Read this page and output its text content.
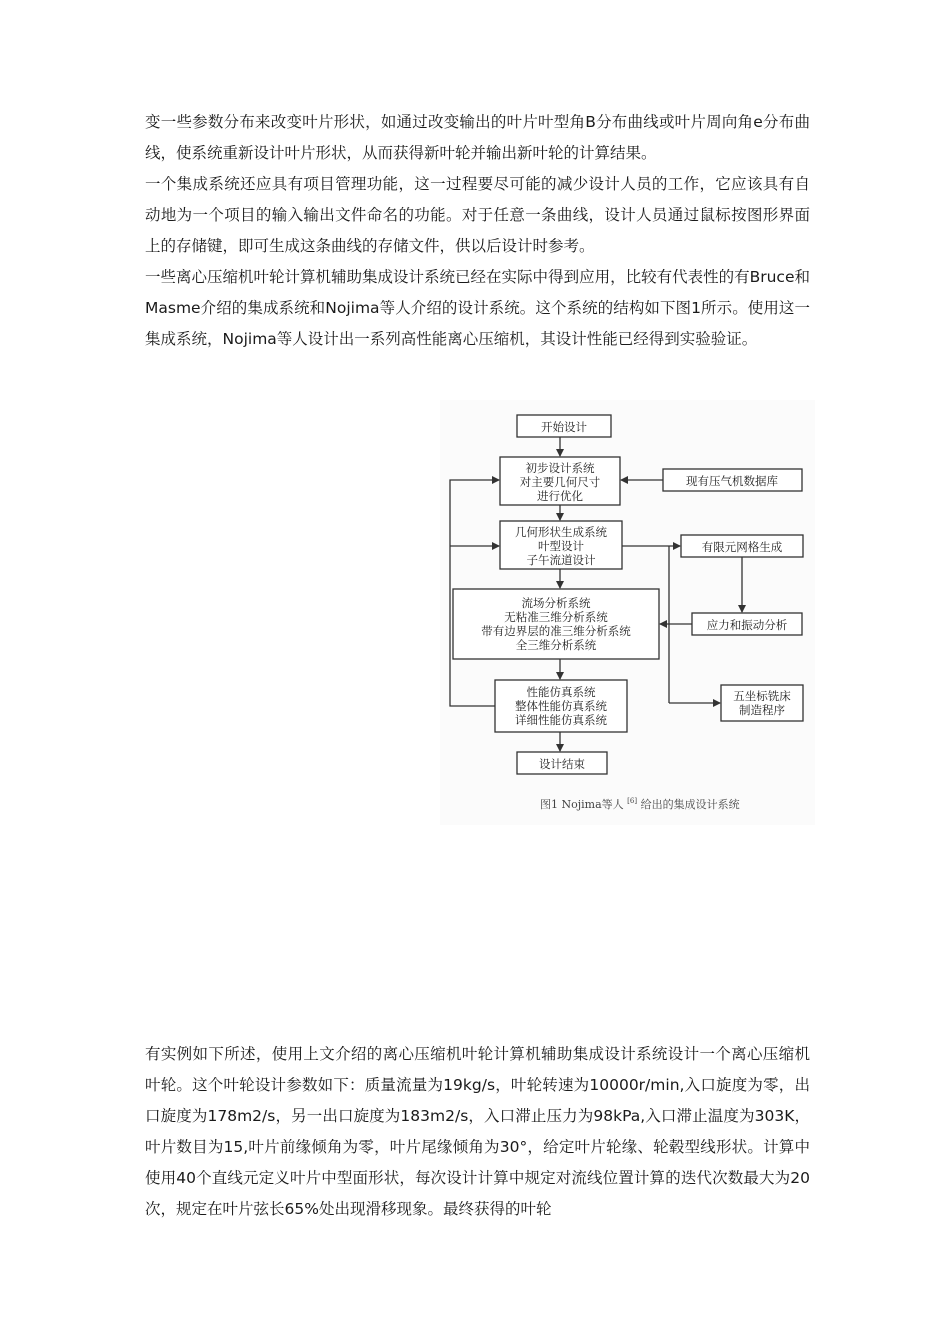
变一些参数分布来改变叶片形状，如通过改变输出的叶片叶型角Β分布曲线或叶片周向角e分布曲线，使系统重新设计叶片形状，从而获得新叶轮并输出新叶轮的计算结果。

一个集成系统还应具有项目管理功能，这一过程要尽可能的减少设计人员的工作，它应该具有自动地为一个项目的输入输出文件命名的功能。对于任意一条曲线，设计人员通过鼠标按图形界面上的存储键，即可生成这条曲线的存储文件，供以后设计时参考。

一些离心压缩机叶轮计算机辅助集成设计系统已经在实际中得到应用，比较有代表性的有Bruce和Masme介绍的集成系统和Nojima等人介绍的设计系统。这个系统的结构如下图1所示。使用这一集成系统，Nojima等人设计出一系列高性能离心压缩机，其设计性能已经得到实验验证。

开始设计
初步设计系统
对主要几何尺寸
进行优化
现有压气机数据库
几何形状生成系统
叶型设计
子午流道设计
有限元网格生成
流场分析系统
无粘准三维分析系统
带有边界层的准三维分析系统
全三维分析系统
应力和振动分析
性能仿真系统
整体性能仿真系统
详细性能仿真系统
五坐标铣床
制造程序
设计结束
图1 Nojima等人 [6] 给出的集成设计系统

有实例如下所述，使用上文介绍的离心压缩机叶轮计算机辅助集成设计系统设计一个离心压缩机叶轮。这个叶轮设计参数如下：质量流量为19kg/s，叶轮转速为10000r/min,入口旋度为零，出口旋度为178m2/s，另一出口旋度为183m2/s，入口滞止压力为98kPa,入口滞止温度为303K，叶片数目为15,叶片前缘倾角为零，叶片尾缘倾角为30°，给定叶片轮缘、轮毂型线形状。计算中使用40个直线元定义叶片中型面形状，每次设计计算中规定对流线位置计算的迭代次数最大为20次，规定在叶片弦长65%处出现滑移现象。最终获得的叶轮
